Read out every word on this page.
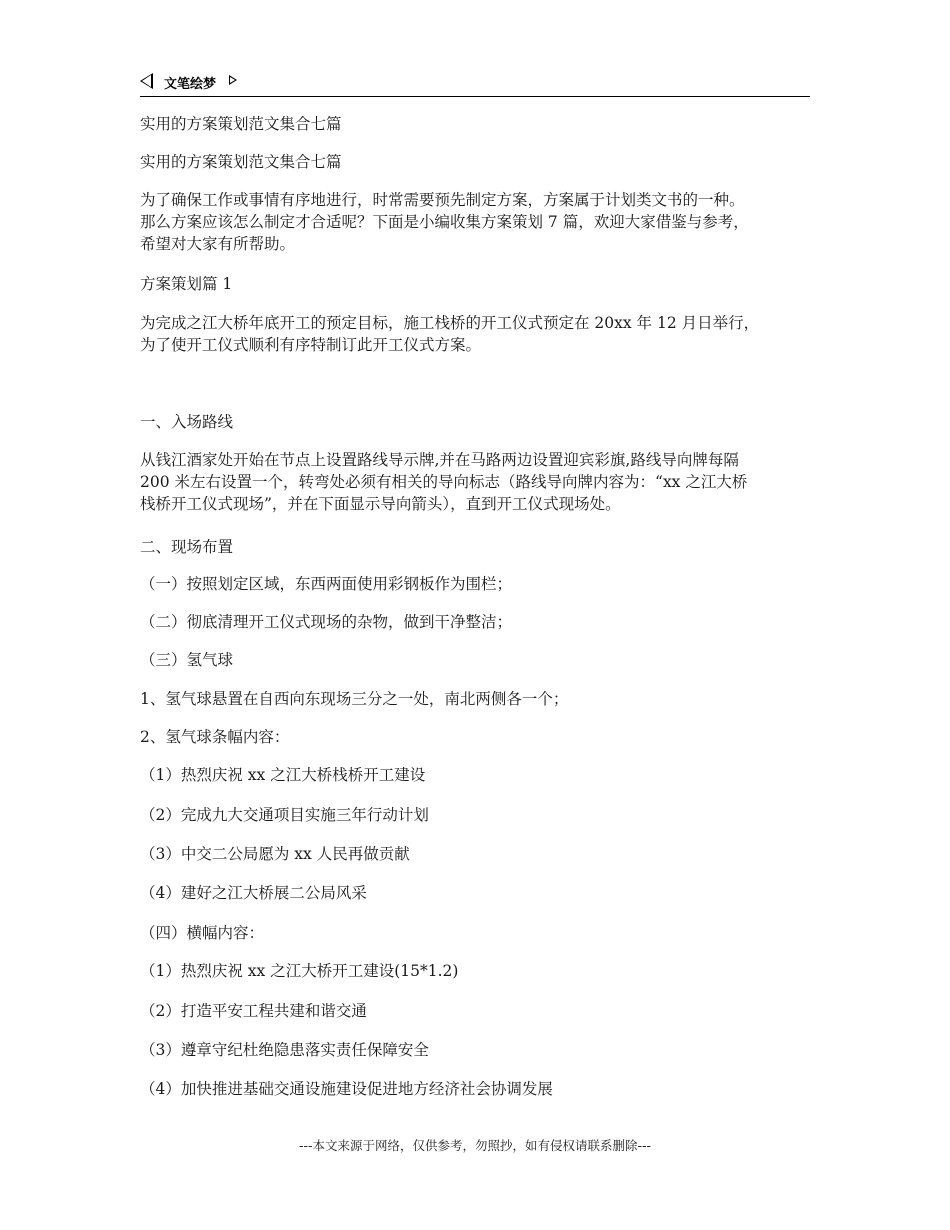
文笔绘梦
实用的方案策划范文集合七篇
实用的方案策划范文集合七篇
为了确保工作或事情有序地进行，时常需要预先制定方案，方案属于计划类文书的一种。
那么方案应该怎么制定才合适呢？下面是小编收集方案策划 7 篇，欢迎大家借鉴与参考，
希望对大家有所帮助。
方案策划篇 1
为完成之江大桥年底开工的预定目标，施工栈桥的开工仪式预定在 20xx 年 12 月日举行，
为了使开工仪式顺利有序特制订此开工仪式方案。
一、入场路线
从钱江酒家处开始在节点上设置路线导示牌,并在马路两边设置迎宾彩旗,路线导向牌每隔
200 米左右设置一个，转弯处必须有相关的导向标志（路线导向牌内容为：“xx 之江大桥
栈桥开工仪式现场”，并在下面显示导向箭头），直到开工仪式现场处。
二、现场布置
（一）按照划定区域，东西两面使用彩钢板作为围栏；
（二）彻底清理开工仪式现场的杂物，做到干净整洁；
（三）氢气球
1、氢气球悬置在自西向东现场三分之一处，南北两侧各一个；
2、氢气球条幅内容：
（1）热烈庆祝 xx 之江大桥栈桥开工建设
（2）完成九大交通项目实施三年行动计划
（3）中交二公局愿为 xx 人民再做贡献
（4）建好之江大桥展二公局风采
（四）横幅内容：
（1）热烈庆祝 xx 之江大桥开工建设(15*1.2)
（2）打造平安工程共建和谐交通
（3）遵章守纪杜绝隐患落实责任保障安全
（4）加快推进基础交通设施建设促进地方经济社会协调发展
---本文来源于网络，仅供参考，勿照抄，如有侵权请联系删除---
